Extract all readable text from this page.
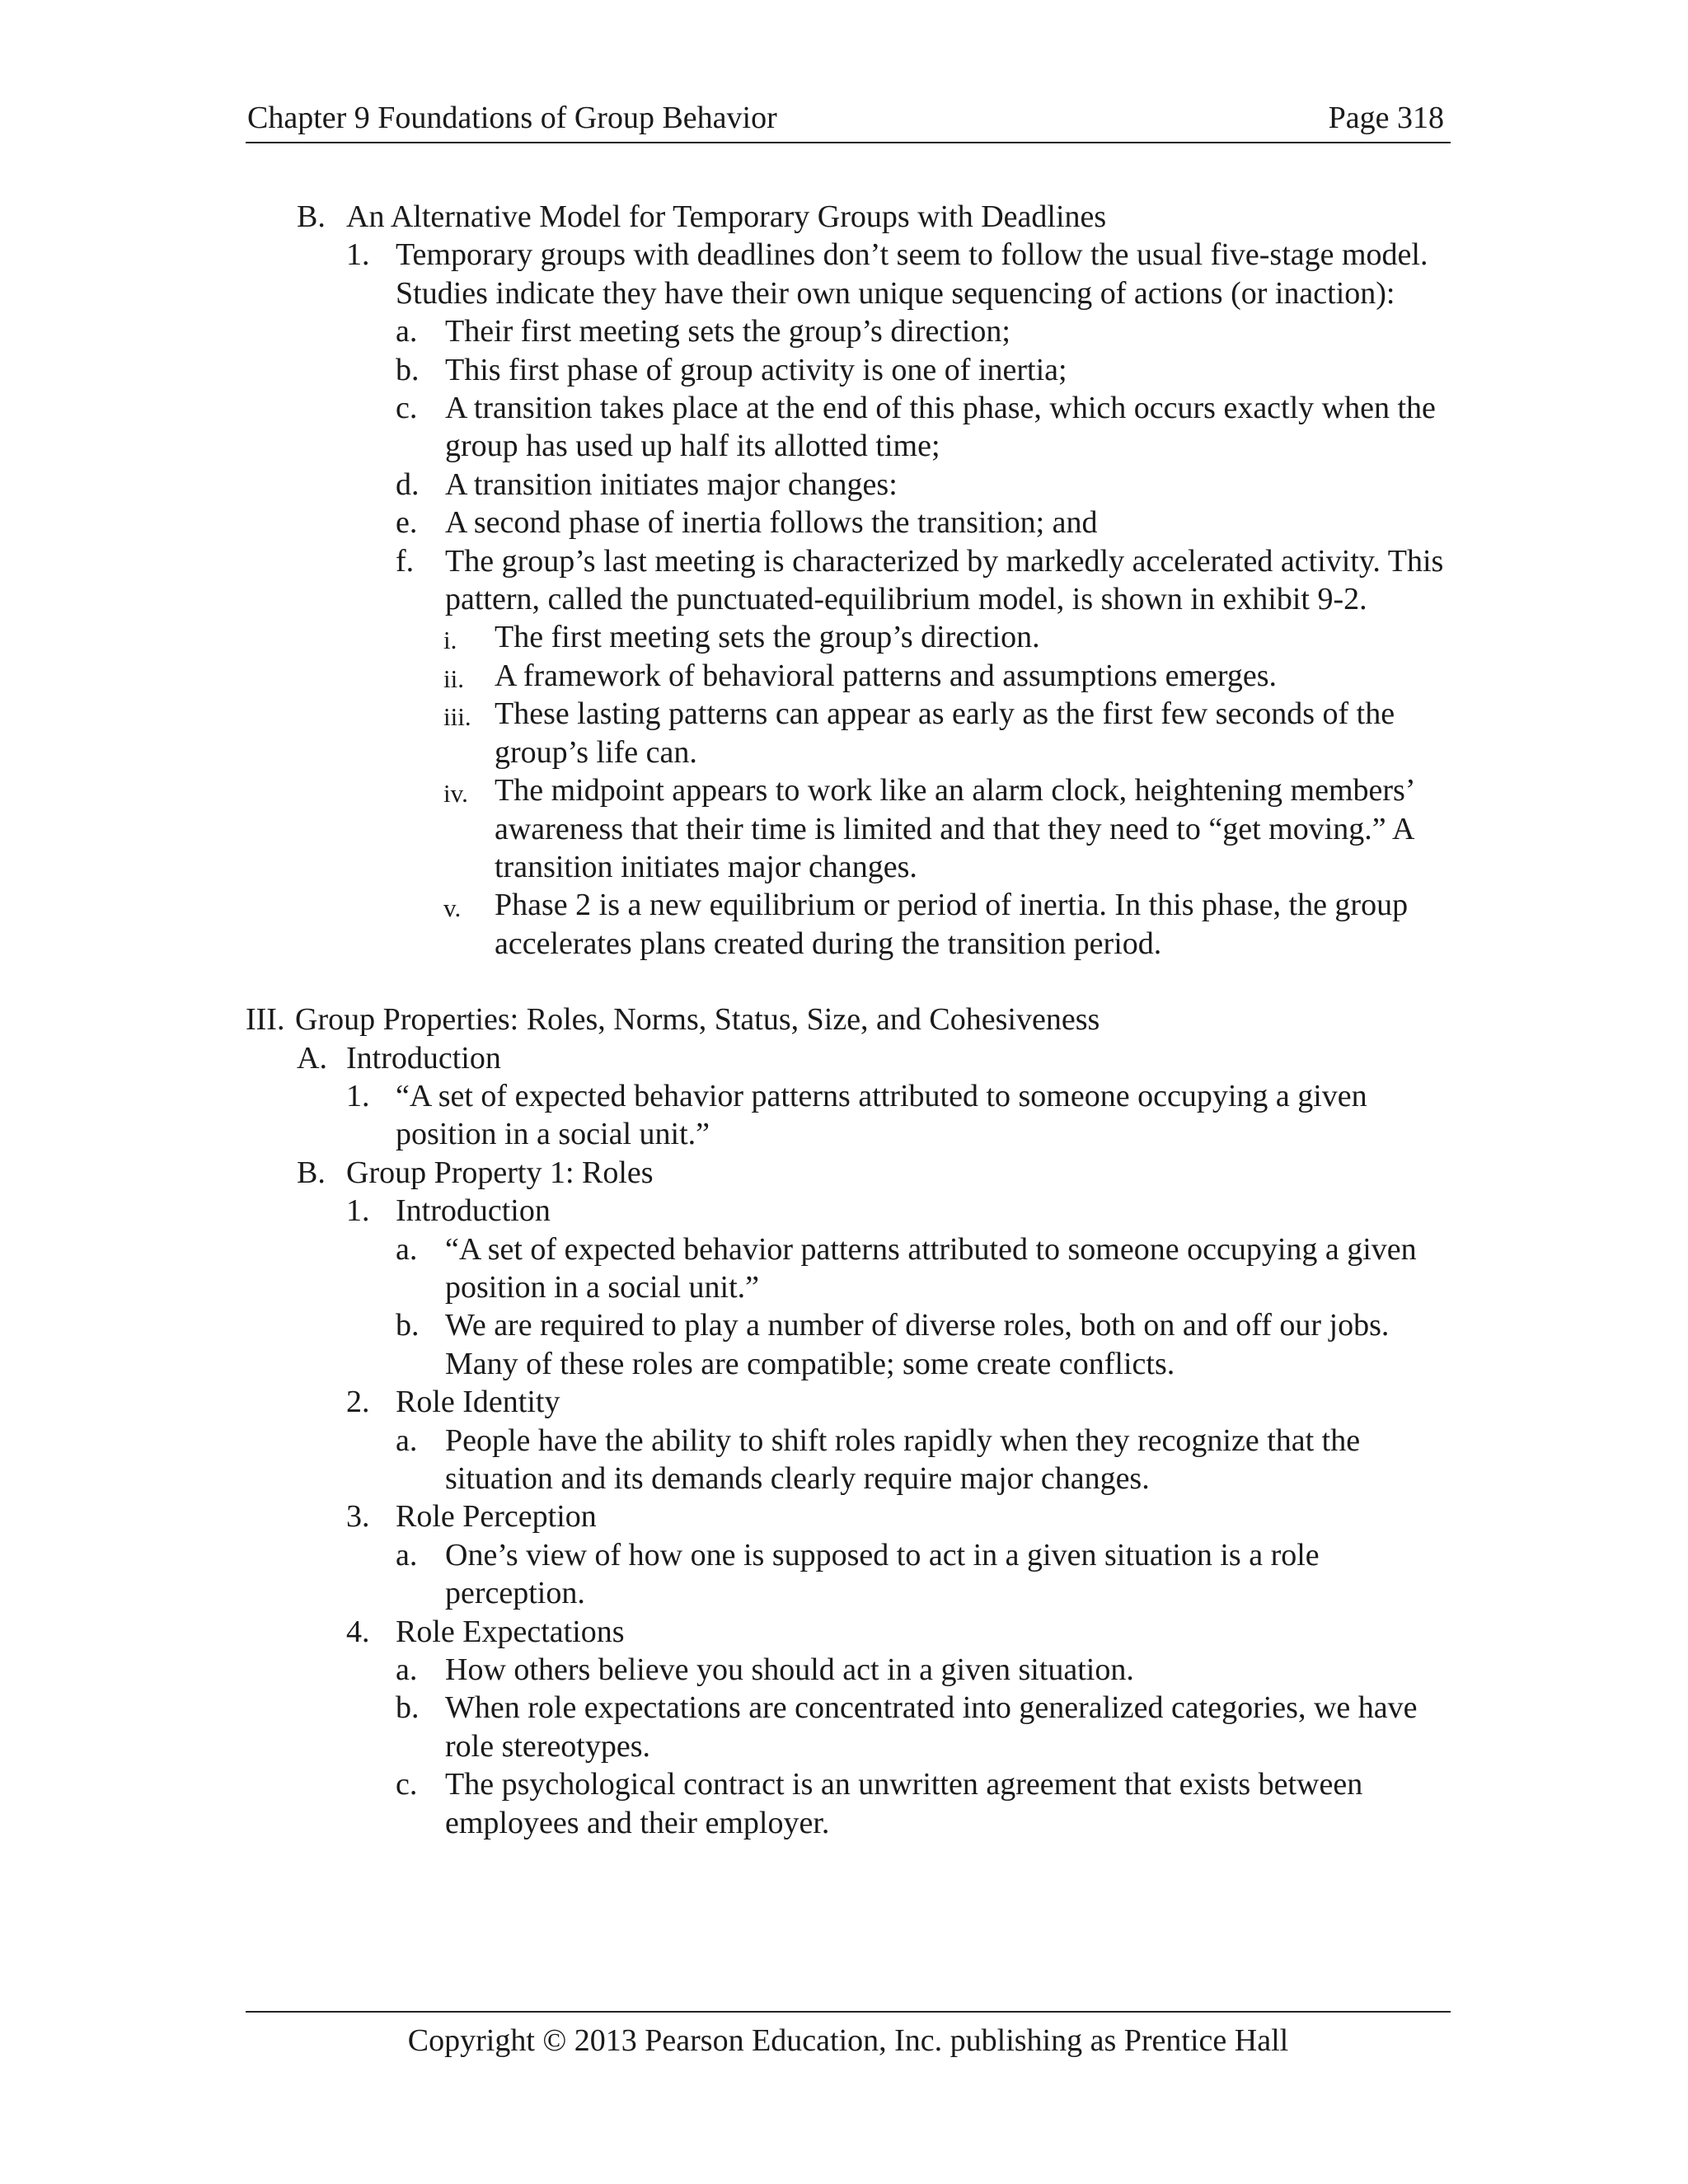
Chapter 9 Foundations of Group Behavior	Page 318
B. An Alternative Model for Temporary Groups with Deadlines
1. Temporary groups with deadlines don’t seem to follow the usual five-stage model. Studies indicate they have their own unique sequencing of actions (or inaction):
a. Their first meeting sets the group’s direction;
b. This first phase of group activity is one of inertia;
c. A transition takes place at the end of this phase, which occurs exactly when the group has used up half its allotted time;
d. A transition initiates major changes:
e. A second phase of inertia follows the transition; and
f. The group’s last meeting is characterized by markedly accelerated activity. This pattern, called the punctuated-equilibrium model, is shown in exhibit 9-2.
i. The first meeting sets the group’s direction.
ii. A framework of behavioral patterns and assumptions emerges.
iii. These lasting patterns can appear as early as the first few seconds of the group’s life can.
iv. The midpoint appears to work like an alarm clock, heightening members’ awareness that their time is limited and that they need to “get moving.” A transition initiates major changes.
v. Phase 2 is a new equilibrium or period of inertia. In this phase, the group accelerates plans created during the transition period.
III. Group Properties: Roles, Norms, Status, Size, and Cohesiveness
A. Introduction
1. “A set of expected behavior patterns attributed to someone occupying a given position in a social unit.”
B. Group Property 1: Roles
1. Introduction
a. “A set of expected behavior patterns attributed to someone occupying a given position in a social unit.”
b. We are required to play a number of diverse roles, both on and off our jobs. Many of these roles are compatible; some create conflicts.
2. Role Identity
a. People have the ability to shift roles rapidly when they recognize that the situation and its demands clearly require major changes.
3. Role Perception
a. One’s view of how one is supposed to act in a given situation is a role perception.
4. Role Expectations
a. How others believe you should act in a given situation.
b. When role expectations are concentrated into generalized categories, we have role stereotypes.
c. The psychological contract is an unwritten agreement that exists between employees and their employer.
Copyright © 2013 Pearson Education, Inc. publishing as Prentice Hall
